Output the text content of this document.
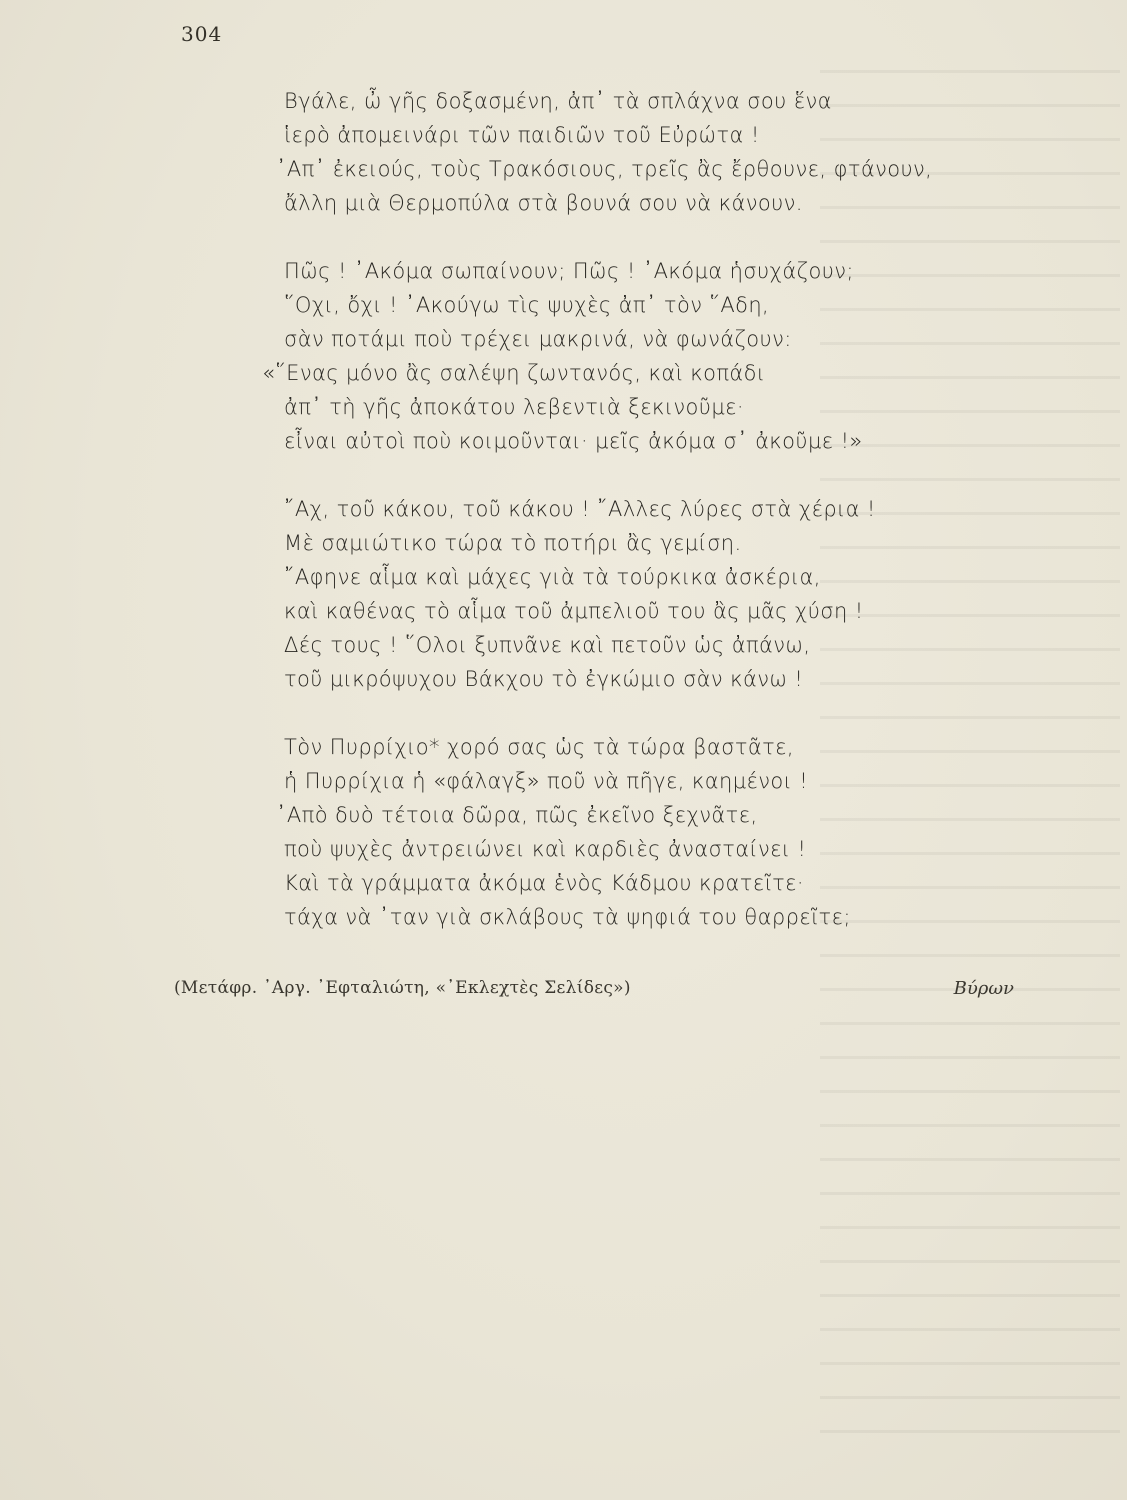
304
Βγάλε, ὦ γῆς δοξασμένη, ἀπ᾿ τὰ σπλάχνα σου ἕνα
ἱερὸ ἀπομεινάρι τῶν παιδιῶν τοῦ Εὐρώτα !
᾿Απ᾿ ἐκειούς, τοὺς Τρακόσιους, τρεῖς ἂς ἔρθουνε, φτάνουν,
ἄλλη μιὰ Θερμοπύλα στὰ βουνά σου νὰ κάνουν.
Πῶς ! ᾿Ακόμα σωπαίνουν; Πῶς ! ᾿Ακόμα ἡσυχάζουν;
῞Οχι, ὄχι ! ᾿Ακούγω τὶς ψυχὲς ἀπ᾿ τὸν ῞Αδη,
σὰν ποτάμι ποὺ τρέχει μακρινά, νὰ φωνάζουν:
«῞Ενας μόνο ἂς σαλέψη ζωντανός, καὶ κοπάδι
ἀπ᾿ τὴ γῆς ἀποκάτου λεβεντιὰ ξεκινοῦμε·
εἶναι αὐτοὶ ποὺ κοιμοῦνται· μεῖς ἀκόμα σ᾿ ἀκοῦμε !»
῎Αχ, τοῦ κάκου, τοῦ κάκου ! ῎Αλλες λύρες στὰ χέρια !
Μὲ σαμιώτικο τώρα τὸ ποτήρι ἂς γεμίση.
῎Αφηνε αἷμα καὶ μάχες γιὰ τὰ τούρκικα ἀσκέρια,
καὶ καθένας τὸ αἷμα τοῦ ἀμπελιοῦ του ἂς μᾶς χύση !
Δές τους ! ῞Ολοι ξυπνᾶνε καὶ πετοῦν ὡς ἀπάνω,
τοῦ μικρόψυχου Βάκχου τὸ ἐγκώμιο σὰν κάνω !
Τὸν Πυρρίχιο* χορό σας ὡς τὰ τώρα βαστᾶτε,
ἡ Πυρρίχια ἡ «φάλαγξ» ποῦ νὰ πῆγε, καημένοι !
᾿Απὸ δυὸ τέτοια δῶρα, πῶς ἐκεῖνο ξεχνᾶτε,
ποὺ ψυχὲς ἀντρειώνει καὶ καρδιὲς ἀνασταίνει !
Καὶ τὰ γράμματα ἀκόμα ἑνὸς Κάδμου κρατεῖτε·
τάχα νὰ ᾿ταν γιὰ σκλάβους τὰ ψηφιά του θαρρεῖτε;
(Μετάφρ. ᾿Αργ. ᾿Εφταλιώτη, «᾿Εκλεχτὲς Σελίδες»)	Βύρων
